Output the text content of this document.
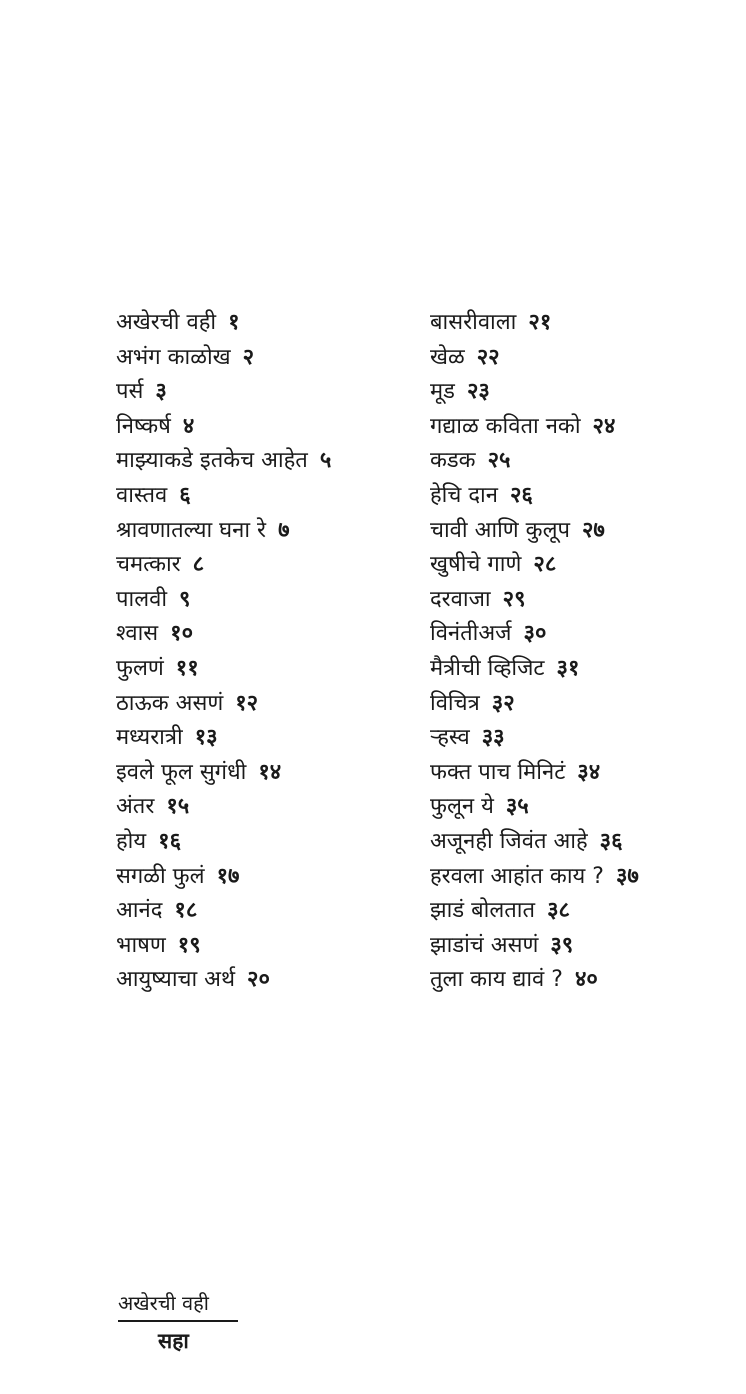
अखेरची वही १
अभंग काळोख २
पर्स ३
निष्कर्ष ४
माझ्याकडे इतकेच आहेत ५
वास्तव ६
श्रावणातल्या घना रे ७
चमत्कार ८
पालवी ९
श्वास १०
फुलणं ११
ठाऊक असणं १२
मध्यरात्री १३
इवले फूल सुगंधी १४
अंतर १५
होय १६
सगळी फुलं १७
आनंद १८
भाषण १९
आयुष्याचा अर्थ २०
बासरीवाला २१
खेळ २२
मूड २३
गद्याळ कविता नको २४
कडक २५
हेचि दान २६
चावी आणि कुलूप २७
खुषीचे गाणे २८
दरवाजा २९
विनंतीअर्ज ३०
मैत्रीची व्हिजिट ३१
विचित्र ३२
ऱ्हस्व ३३
फक्त पाच मिनिटं ३४
फुलून ये ३५
अजूनही जिवंत आहे ३६
हरवला आहांत काय ? ३७
झाडं बोलतात ३८
झाडांचं असणं ३९
तुला काय द्यावं ? ४०
अखेरची वही
सहा
